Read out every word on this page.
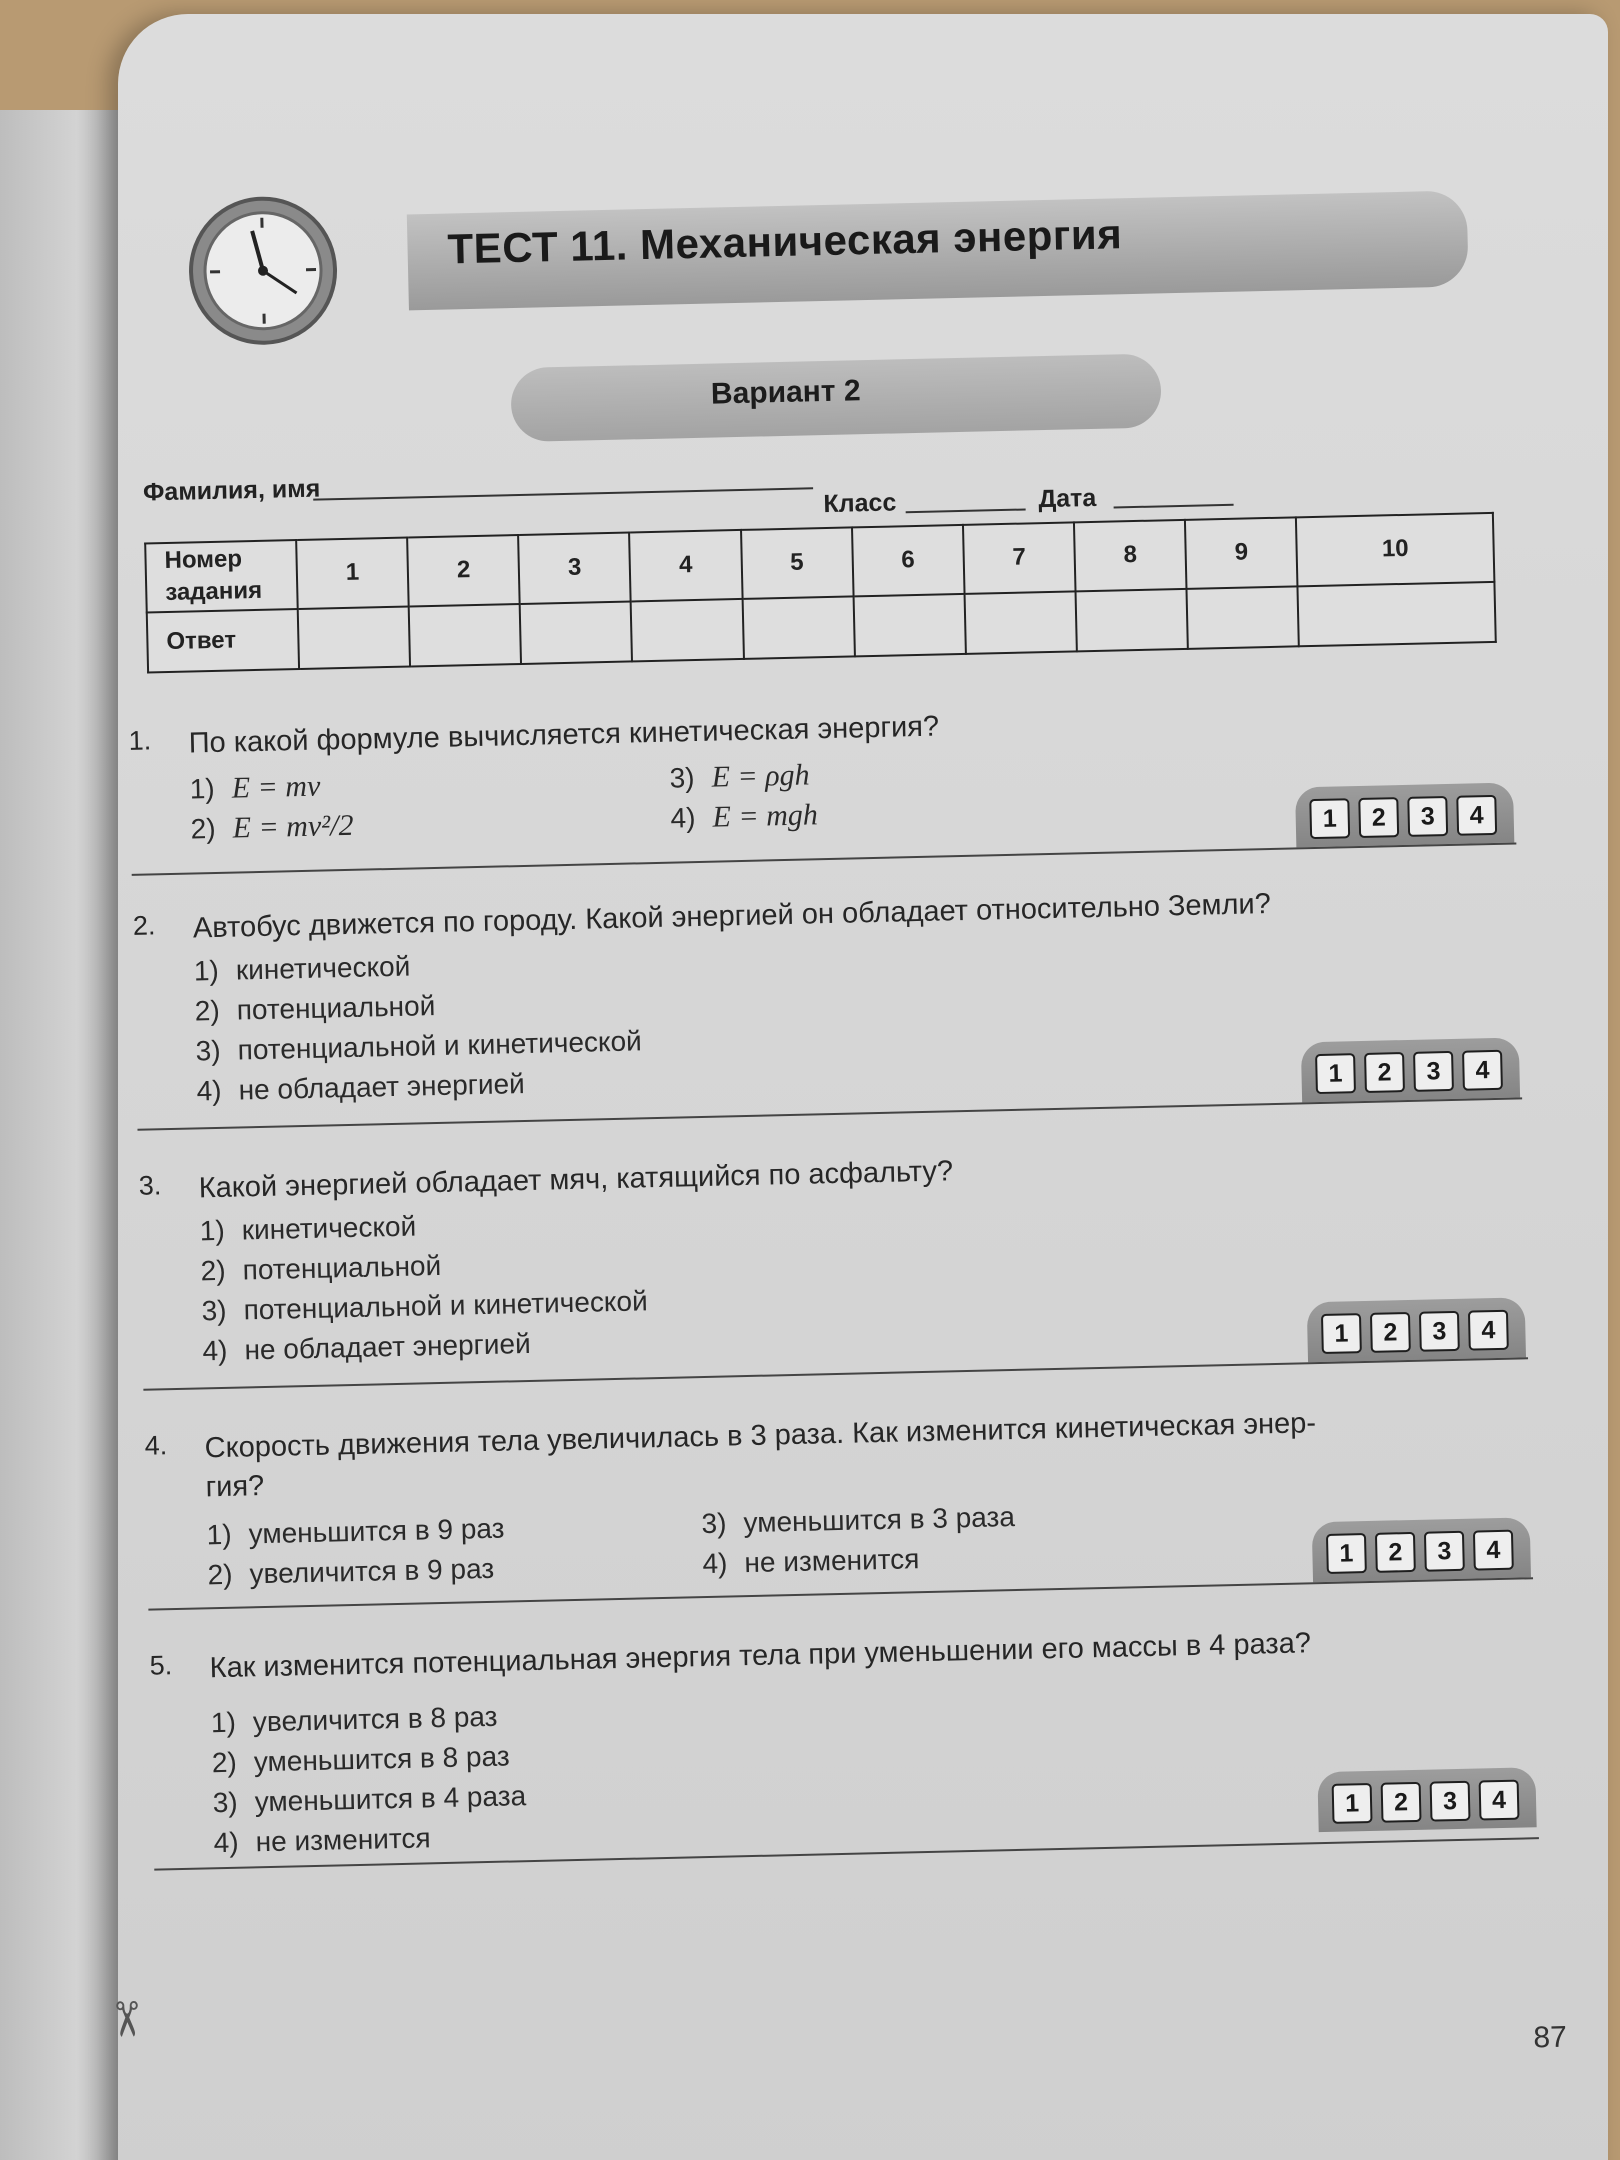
ТЕСТ 11. Механическая энергия
Вариант 2
Фамилия, имя	Класс	Дата
Номер
задания	1	2	3	4	5	6	7	8	9	10
Ответ										
1. По какой формуле вычисляется кинетическая энергия?
1) E = mv
2) E = mv²/2
3) E = ρgh
4) E = mgh	1	2	3	4
2. Автобус движется по городу. Какой энергией он обладает относительно Земли?
1) кинетической
2) потенциальной
3) потенциальной и кинетической
4) не обладает энергией	1	2	3	4
3. Какой энергией обладает мяч, катящийся по асфальту?
1) кинетической
2) потенциальной
3) потенциальной и кинетической
4) не обладает энергией	1	2	3	4
4. Скорость движения тела увеличилась в 3 раза. Как изменится кинетическая энер-
гия?
1) уменьшится в 9 раз
2) увеличится в 9 раз
3) уменьшится в 3 раза
4) не изменится	1	2	3	4
5. Как изменится потенциальная энергия тела при уменьшении его массы в 4 раза?
1) увеличится в 8 раз
2) уменьшится в 8 раз
3) уменьшится в 4 раза
4) не изменится
1	2	3	4
✂	87
